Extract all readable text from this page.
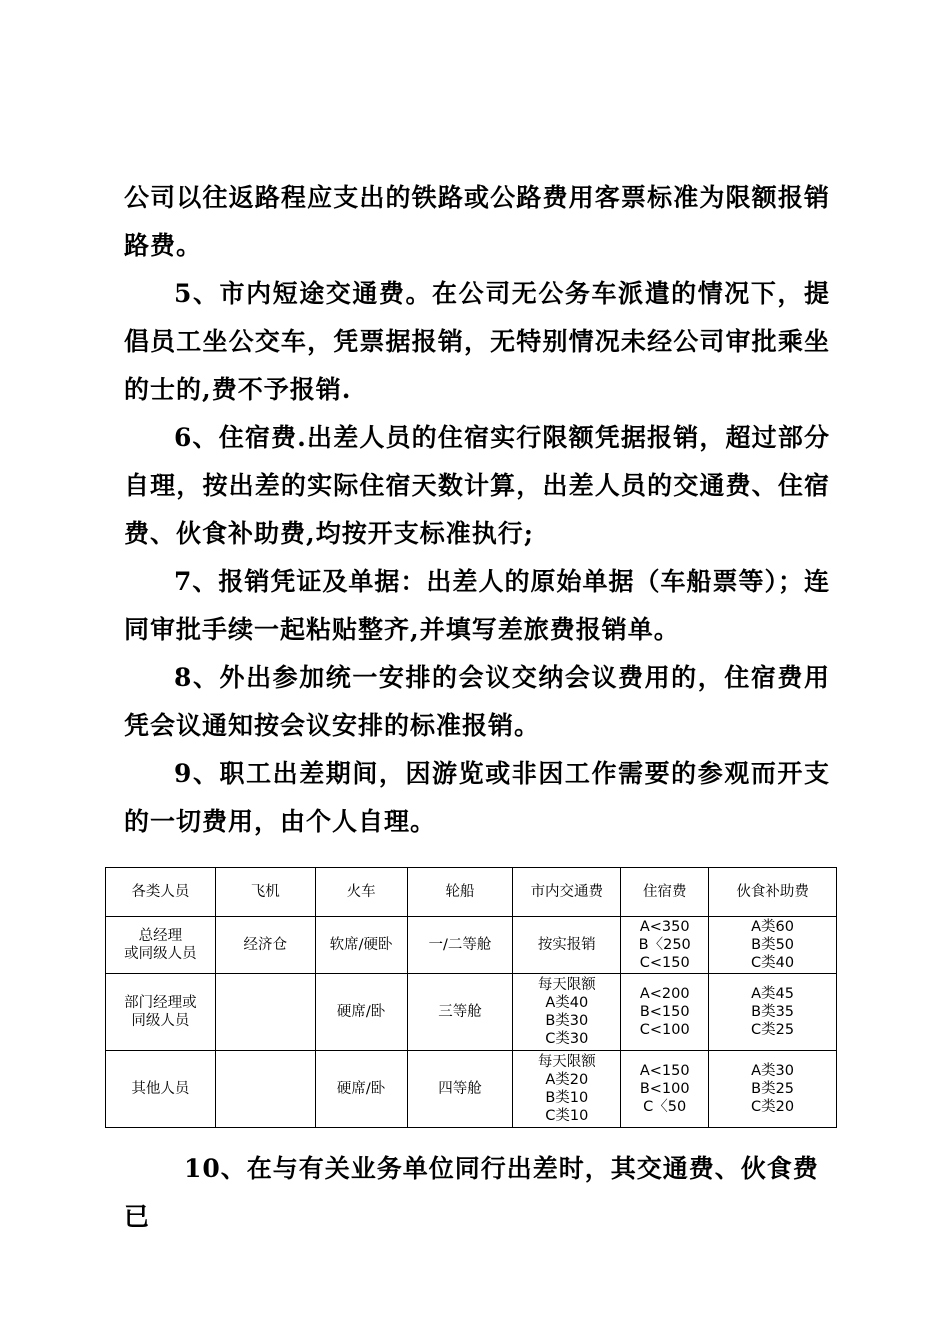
公司以往返路程应支出的铁路或公路费用客票标准为限额报销路费。

5、市内短途交通费。在公司无公务车派遣的情况下，提倡员工坐公交车，凭票据报销，无特别情况未经公司审批乘坐的士的,费不予报销.

6、住宿费.出差人员的住宿实行限额凭据报销，超过部分自理，按出差的实际住宿天数计算，出差人员的交通费、住宿费、伙食补助费,均按开支标准执行;

7、报销凭证及单据：出差人的原始单据（车船票等）；连同审批手续一起粘贴整齐,并填写差旅费报销单。

8、外出参加统一安排的会议交纳会议费用的，住宿费用凭会议通知按会议安排的标准报销。

9、职工出差期间，因游览或非因工作需要的参观而开支的一切费用，由个人自理。

各类人员	飞机	火车	轮船	市内交通费	住宿费	伙食补助费

总经理
或同级人员	经济仓	软席/硬卧	一/二等舱	按实报销	A<350
B〈250
C<150	A类60
B类50
C类40

部门经理或
同级人员		硬席/卧	三等舱	每天限额
A类40
B类30
C类30	A<200
B<150
C<100	A类45
B类35
C类25

其他人员		硬席/卧	四等舱	每天限额
A类20
B类10
C类10	A<150
B<100
C〈50	A类30
B类25
C类20

10、在与有关业务单位同行出差时，其交通费、伙食费已
